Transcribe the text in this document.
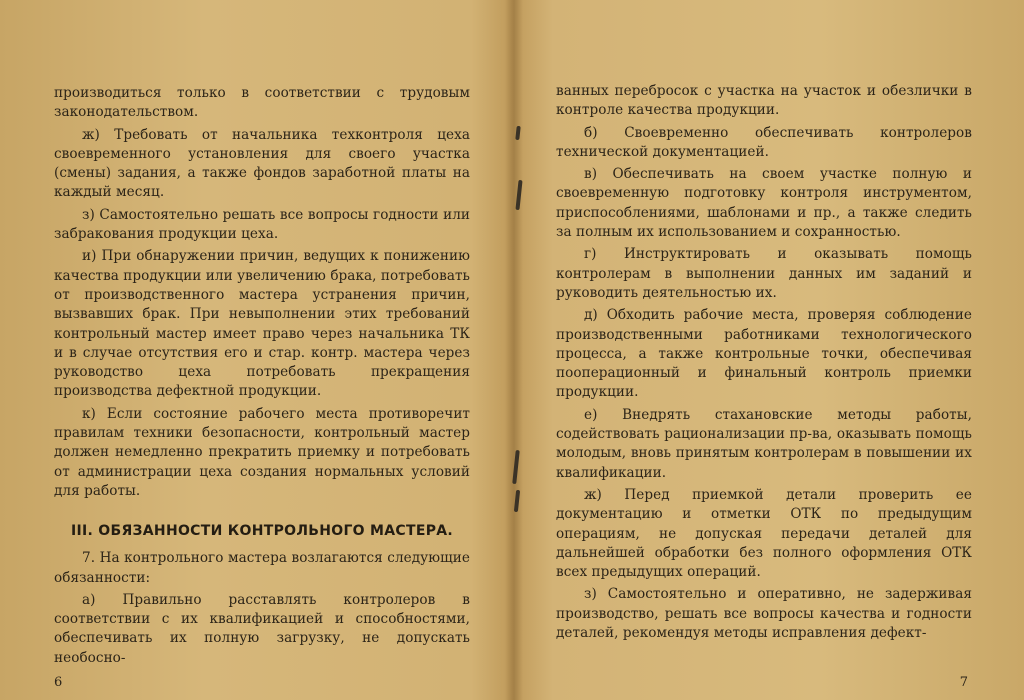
производиться только в соответствии с трудовым законодательством.

ж) Требовать от начальника техконтроля цеха своевременного установления для своего участка (смены) задания, а также фондов заработной платы на каждый месяц.

з) Самостоятельно решать все вопросы годности или забракования продукции цеха.

и) При обнаружении причин, ведущих к понижению качества продукции или увеличению брака, потребовать от производственного мастера устранения причин, вызвавших брак. При невыполнении этих требований контрольный мастер имеет право через начальника ТК и в случае отсутствия его и стар. контр. мастера через руководство цеха потребовать прекращения производства дефектной продукции.

к) Если состояние рабочего места противоречит правилам техники безопасности, контрольный мастер должен немедленно прекратить приемку и потребовать от администрации цеха создания нормальных условий для работы.

III. ОБЯЗАННОСТИ КОНТРОЛЬНОГО МАСТЕРА.

7. На контрольного мастера возлагаются следующие обязанности:

а) Правильно расставлять контролеров в соответствии с их квалификацией и способностями, обеспечивать их полную загрузку, не допускать необосно-

6

ванных перебросок с участка на участок и обезлички в контроле качества продукции.

б) Своевременно обеспечивать контролеров технической документацией.

в) Обеспечивать на своем участке полную и своевременную подготовку контроля инструментом, приспособлениями, шаблонами и пр., а также следить за полным их использованием и сохранностью.

г) Инструктировать и оказывать помощь контролерам в выполнении данных им заданий и руководить деятельностью их.

д) Обходить рабочие места, проверяя соблюдение производственными работниками технологического процесса, а также контрольные точки, обеспечивая пооперационный и финальный контроль приемки продукции.

е) Внедрять стахановские методы работы, содействовать рационализации пр-ва, оказывать помощь молодым, вновь принятым контролерам в повышении их квалификации.

ж) Перед приемкой детали проверить ее документацию и отметки ОТК по предыдущим операциям, не допуская передачи деталей для дальнейшей обработки без полного оформления ОТК всех предыдущих операций.

з) Самостоятельно и оперативно, не задерживая производство, решать все вопросы качества и годности деталей, рекомендуя методы исправления дефект-

7
